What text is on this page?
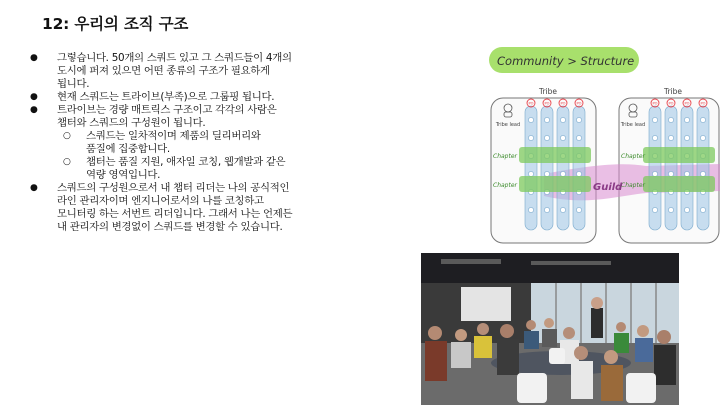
12: 우리의 조직 구조
●	그렇습니다. 50개의 스쿼드 있고 그 스쿼드들이 4개의
도시에 퍼져 있으면 어떤 종류의 구조가 필요하게
됩니다.
●	현재 스쿼드는 트라이브(부족)으로 그룹핑 됩니다.
●	트라이브는 경량 매트릭스 구조이고 각각의 사람은
챕터와 스쿼드의 구성원이 됩니다.
○	스쿼드는 일차적이며 제품의 딜리버리와
품질에 집중합니다.
○	챕터는 품질 지원, 애자일 코칭, 웹개발과 같은
역량 영역입니다.
●	스쿼드의 구성원으로서 내 챕터 리더는 나의 공식적인
라인 관리자이며 엔지니어로서의 나를 코칭하고
모니터링 하는 서번트 리더입니다. 그래서 나는 언제든
내 관리자의 변경없이 스쿼드를 변경할 수 있습니다.
Community > Structure
Tribe	Tribe
Tribe lead	Tribe lead
PO	PO	PO	PO	PO	PO	PO	PO
Chapter
Chapter
Chapter
Chapter
Guild
